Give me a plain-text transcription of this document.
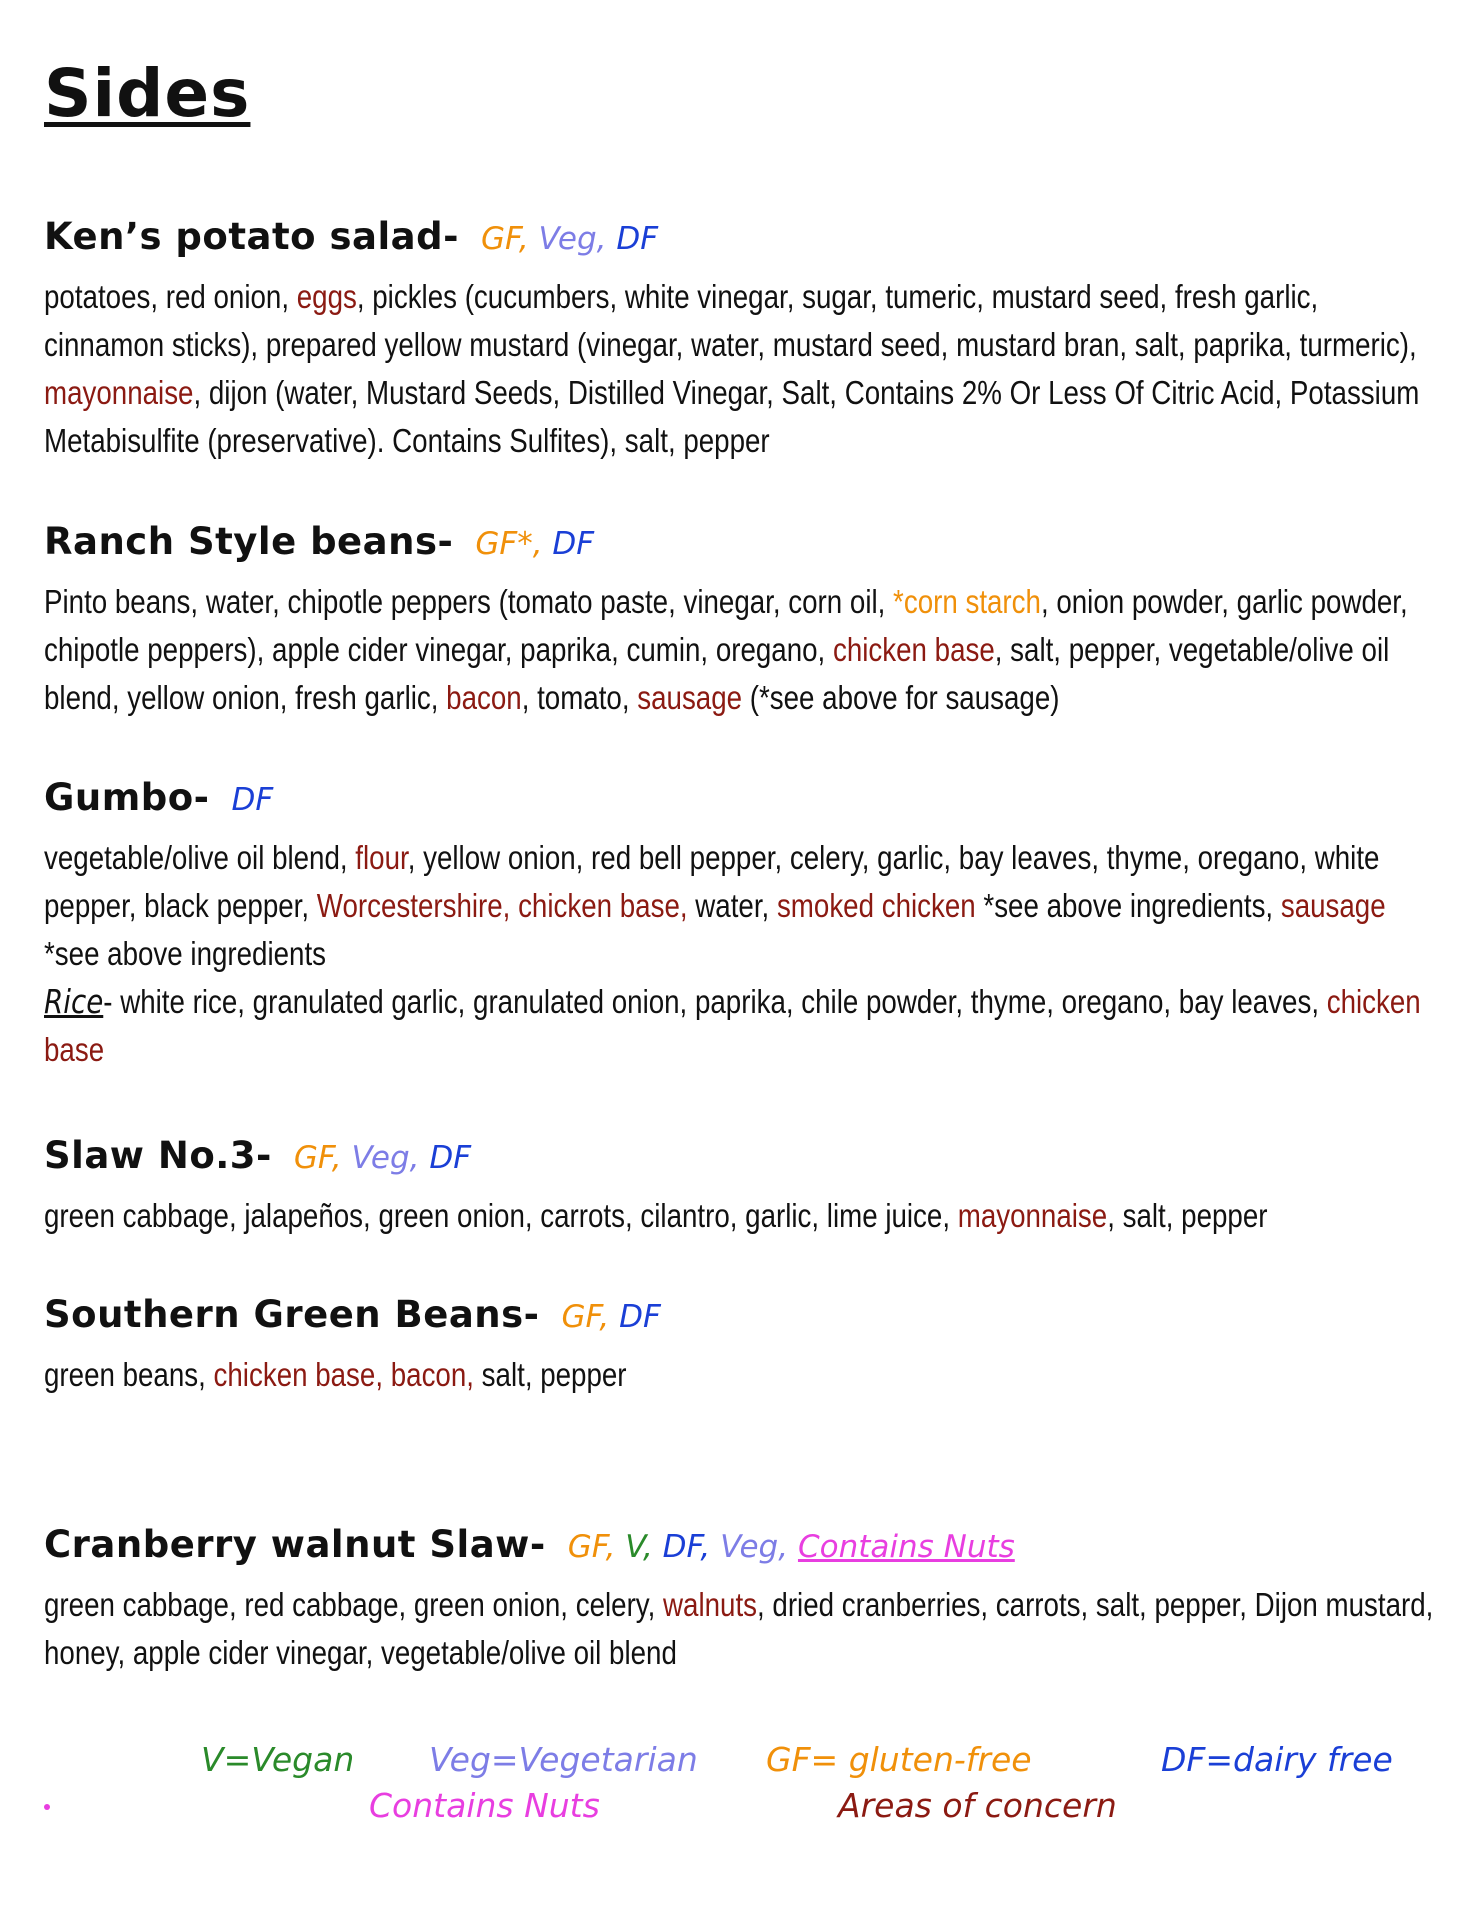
Sides
Ken’s potato salad- GF, Veg, DF

potatoes, red onion, eggs, pickles (cucumbers, white vinegar, sugar, tumeric, mustard seed, fresh garlic, cinnamon sticks), prepared yellow mustard (vinegar, water, mustard seed, mustard bran, salt, paprika, turmeric), mayonnaise, dijon (water, Mustard Seeds, Distilled Vinegar, Salt, Contains 2% Or Less Of Citric Acid, Potassium Metabisulfite (preservative). Contains Sulfites), salt, pepper

Ranch Style beans- GF*, DF

Pinto beans, water, chipotle peppers (tomato paste, vinegar, corn oil, *corn starch, onion powder, garlic powder, chipotle peppers), apple cider vinegar, paprika, cumin, oregano, chicken base, salt, pepper, vegetable/olive oil blend, yellow onion, fresh garlic, bacon, tomato, sausage (*see above for sausage)

Gumbo- DF

vegetable/olive oil blend, flour, yellow onion, red bell pepper, celery, garlic, bay leaves, thyme, oregano, white pepper, black pepper, Worcestershire, chicken base, water, smoked chicken *see above ingredients, sausage *see above ingredients

Rice- white rice, granulated garlic, granulated onion, paprika, chile powder, thyme, oregano, bay leaves, chicken base

Slaw No.3- GF, Veg, DF

green cabbage, jalapeños, green onion, carrots, cilantro, garlic, lime juice, mayonnaise, salt, pepper

Southern Green Beans- GF, DF

green beans, chicken base, bacon, salt, pepper

Cranberry walnut Slaw- GF, V, DF, Veg, Contains Nuts

green cabbage, red cabbage, green onion, celery, walnuts, dried cranberries, carrots, salt, pepper, Dijon mustard, honey, apple cider vinegar, vegetable/olive oil blend

V=Vegan Veg=Vegetarian GF= gluten-free	DF=dairy free
Contains Nuts	Areas of concern
